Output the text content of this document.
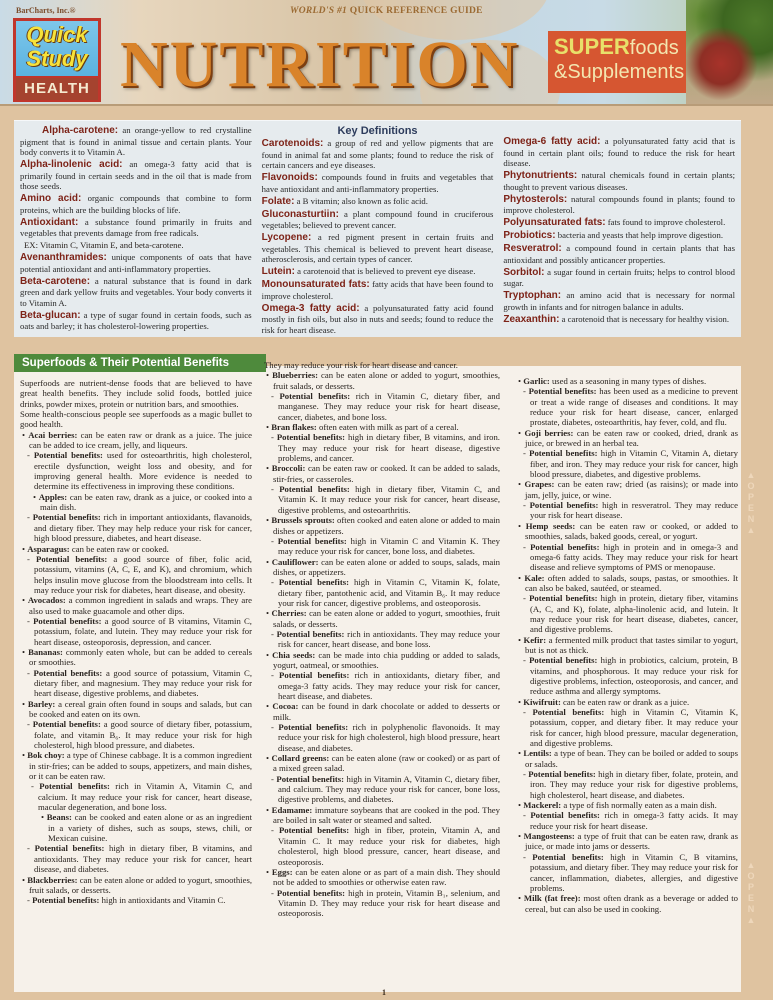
BarCharts, Inc.®
Quick
Study
HEALTH
WORLD'S #1 QUICK REFERENCE GUIDE
NUTRITION SUPERfoods
&Supplements
Alpha-carotene: an orange-yellow to red crystalline pigment that is found in animal tissue and certain plants. Your body converts it to Vitamin A.
Alpha-linolenic acid: an omega-3 fatty acid that is primarily found in certain seeds and in the oil that is made from those seeds.
Amino acid: organic compounds that combine to form proteins, which are the building blocks of life.
Antioxidant: a substance found primarily in fruits and vegetables that prevents damage from free radicals.
EX: Vitamin C, Vitamin E, and beta-carotene.
Avenanthramides: unique components of oats that have potential antioxidant and anti-inflammatory properties.
Beta-carotene: a natural substance that is found in dark green and dark yellow fruits and vegetables. Your body converts it to Vitamin A.
Beta-glucan: a type of sugar found in certain foods, such as oats and barley; it has cholesterol-lowering properties.
Key Definitions
Carotenoids: a group of red and yellow pigments that are found in animal fat and some plants; found to reduce the risk of certain cancers and eye diseases.
Flavonoids: compounds found in fruits and vegetables that have antioxidant and anti-inflammatory properties.
Folate: a B vitamin; also known as folic acid.
Gluconasturtiin: a plant compound found in cruciferous vegetables; believed to prevent cancer.
Lycopene: a red pigment present in certain fruits and vegetables. This chemical is believed to prevent heart disease, atherosclerosis, and certain types of cancer.
Lutein: a carotenoid that is believed to prevent eye disease.
Monounsaturated fats: fatty acids that have been found to improve cholesterol.
Omega-3 fatty acid: a polyunsaturated fatty acid found mostly in fish oils, but also in nuts and seeds; found to reduce the risk for heart disease.
Omega-6 fatty acid: a polyunsaturated fatty acid that is found in certain plant oils; found to reduce the risk for heart disease.
Phytonutrients: natural chemicals found in certain plants; thought to prevent various diseases.
Phytosterols: natural compounds found in plants; found to improve cholesterol.
Polyunsaturated fats: fats found to improve cholesterol.
Probiotics: bacteria and yeasts that help improve digestion.
Resveratrol: a compound found in certain plants that has antioxidant and possibly anticancer properties.
Sorbitol: a sugar found in certain fruits; helps to control blood sugar.
Tryptophan: an amino acid that is necessary for normal growth in infants and for nitrogen balance in adults.
Zeaxanthin: a carotenoid that is necessary for healthy vision.
Superfoods & Their Potential Benefits
Superfoods are nutrient-dense foods that are believed to have great health benefits. They include solid foods, bottled juice drinks, powder mixes, protein or nutrition bars, and smoothies.
Some health-conscious people see superfoods as a magic bullet to good health.
• Acai berries: can be eaten raw or drank as a juice. The juice can be added to ice cream, jelly, and liqueurs.
- Potential benefits: used for osteoarthritis, high cholesterol, erectile dysfunction, weight loss and obesity, and for improving general health. More evidence is needed to determine its effectiveness in improving these conditions.
• Apples: can be eaten raw, drank as a juice, or cooked into a main dish.
- Potential benefits: rich in important antioxidants, flavanoids, and dietary fiber. They may help reduce your risk for cancer, high blood pressure, diabetes, and heart disease.
• Asparagus: can be eaten raw or cooked.
- Potential benefits: a good source of fiber, folic acid, potassium, vitamins (A, C, E, and K), and chromium, which helps insulin move glucose from the bloodstream into cells. It may reduce your risk for diabetes, heart disease, and obesity.
• Avocados: a common ingredient in salads and wraps. They are also used to make guacamole and other dips.
- Potential benefits: a good source of B vitamins, Vitamin C, potassium, folate, and lutein. They may reduce your risk for heart disease, osteoporosis, depression, and cancer.
• Bananas: commonly eaten whole, but can be added to cereals or smoothies.
- Potential benefits: a good source of potassium, Vitamin C, dietary fiber, and magnesium. They may reduce your risk for heart disease, digestive problems, and diabetes.
• Barley: a cereal grain often found in soups and salads, but can be cooked and eaten on its own.
- Potential benefits: a good source of dietary fiber, potassium, folate, and vitamin B₆. It may reduce your risk for high cholesterol, high blood pressure, and diabetes.
• Bok choy: a type of Chinese cabbage. It is a common ingredient in stir-fries; can be added to soups, appetizers, and main dishes, or it can be eaten raw.
- Potential benefits: rich in Vitamin A, Vitamin C, and calcium. It may reduce your risk for cancer, heart disease, macular degeneration, and bone loss.
• Beans: can be cooked and eaten alone or as an ingredient in a variety of dishes, such as soups, stews, chili, or Mexican cuisine.
- Potential benefits: high in dietary fiber, B vitamins, and antioxidants. They may reduce your risk for cancer, heart disease, and diabetes.
• Blackberries: can be eaten alone or added to yogurt, smoothies, fruit salads, or desserts.
- Potential benefits: high in antioxidants and Vitamin C.
They may reduce your risk for heart disease and cancer.
• Blueberries: can be eaten alone or added to yogurt, smoothies, fruit salads, or desserts.
- Potential benefits: rich in Vitamin C, dietary fiber, and manganese. They may reduce your risk for heart disease, cancer, diabetes, and bone loss.
• Bran flakes: often eaten with milk as part of a cereal.
- Potential benefits: high in dietary fiber, B vitamins, and iron. They may reduce your risk for heart disease, digestive problems, and cancer.
• Broccoli: can be eaten raw or cooked. It can be added to salads, stir-fries, or casseroles.
- Potential benefits: high in dietary fiber, Vitamin C, and Vitamin K. It may reduce your risk for cancer, heart disease, digestive problems, and osteoarthritis.
• Brussels sprouts: often cooked and eaten alone or added to main dishes or appetizers.
- Potential benefits: high in Vitamin C and Vitamin K. They may reduce your risk for cancer, bone loss, and diabetes.
• Cauliflower: can be eaten alone or added to soups, salads, main dishes, or appetizers.
- Potential benefits: high in Vitamin C, Vitamin K, folate, dietary fiber, pantothenic acid, and Vitamin B₆. It may reduce your risk for cancer, digestive problems, and osteoporosis.
• Cherries: can be eaten alone or added to yogurt, smoothies, fruit salads, or desserts.
- Potential benefits: rich in antioxidants. They may reduce your risk for cancer, heart disease, and bone loss.
• Chia seeds: can be made into chia pudding or added to salads, yogurt, oatmeal, or smoothies.
- Potential benefits: rich in antioxidants, dietary fiber, and omega-3 fatty acids. They may reduce your risk for cancer, heart disease, and diabetes.
• Cocoa: can be found in dark chocolate or added to desserts or milk.
- Potential benefits: rich in polyphenolic flavonoids. It may reduce your risk for high cholesterol, high blood pressure, heart disease, and diabetes.
• Collard greens: can be eaten alone (raw or cooked) or as part of a mixed green salad.
- Potential benefits: high in Vitamin A, Vitamin C, dietary fiber, and calcium. They may reduce your risk for cancer, bone loss, digestive problems, and diabetes.
• Edamame: immature soybeans that are cooked in the pod. They are boiled in salt water or steamed and salted.
- Potential benefits: high in fiber, protein, Vitamin A, and Vitamin C. It may reduce your risk for diabetes, high cholesterol, high blood pressure, cancer, heart disease, and osteoporosis.
• Eggs: can be eaten alone or as part of a main dish. They should not be added to smoothies or otherwise eaten raw.
- Potential benefits: high in protein, Vitamin B₁, selenium, and Vitamin D. They may reduce your risk for heart disease and osteoporosis.
• Garlic: used as a seasoning in many types of dishes.
- Potential benefits: has been used as a medicine to prevent or treat a wide range of diseases and conditions. It may reduce your risk for heart disease, cancer, enlarged prostate, diabetes, osteoarthritis, hay fever, cold, and flu.
• Goji berries: can be eaten raw or cooked, dried, drank as juice, or brewed in an herbal tea.
- Potential benefits: high in Vitamin C, Vitamin A, dietary fiber, and iron. They may reduce your risk for cancer, high blood pressure, diabetes, and digestive problems.
• Grapes: can be eaten raw; dried (as raisins); or made into jam, jelly, juice, or wine.
- Potential benefits: high in resveratrol. They may reduce your risk for heart disease.
• Hemp seeds: can be eaten raw or cooked, or added to smoothies, salads, baked goods, cereal, or yogurt.
- Potential benefits: high in protein and in omega-3 and omega-6 fatty acids. They may reduce your risk for heart disease and relieve symptoms of PMS or menopause.
• Kale: often added to salads, soups, pastas, or smoothies. It can also be baked, sautéed, or steamed.
- Potential benefits: high in protein, dietary fiber, vitamins (A, C, and K), folate, alpha-linolenic acid, and lutein. It may reduce your risk for heart disease, diabetes, cancer, and digestive problems.
• Kefir: a fermented milk product that tastes similar to yogurt, but is not as thick.
- Potential benefits: high in probiotics, calcium, protein, B vitamins, and phosphorous. It may reduce your risk for digestive problems, infection, osteoporosis, and cancer, and reduce asthma and allergy symptoms.
• Kiwifruit: can be eaten raw or drank as a juice.
- Potential benefits: high in Vitamin C, Vitamin K, potassium, copper, and dietary fiber. It may reduce your risk for cancer, high blood pressure, macular degeneration, and digestive problems.
• Lentils: a type of bean. They can be boiled or added to soups or salads.
- Potential benefits: high in dietary fiber, folate, protein, and iron. They may reduce your risk for digestive problems, high cholesterol, heart disease, and diabetes.
• Mackerel: a type of fish normally eaten as a main dish.
- Potential benefits: rich in omega-3 fatty acids. It may reduce your risk for heart disease.
• Mangosteens: a type of fruit that can be eaten raw, drank as juice, or made into jams or desserts.
- Potential benefits: high in Vitamin C, B vitamins, potassium, and dietary fiber. They may reduce your risk for cancer, inflammation, diabetes, allergies, and digestive problems.
• Milk (fat free): most often drank as a beverage or added to cereal, but can also be used in cooking.
▲
O
P
E
N
▲
▲
O
P
E
N
▲
1
